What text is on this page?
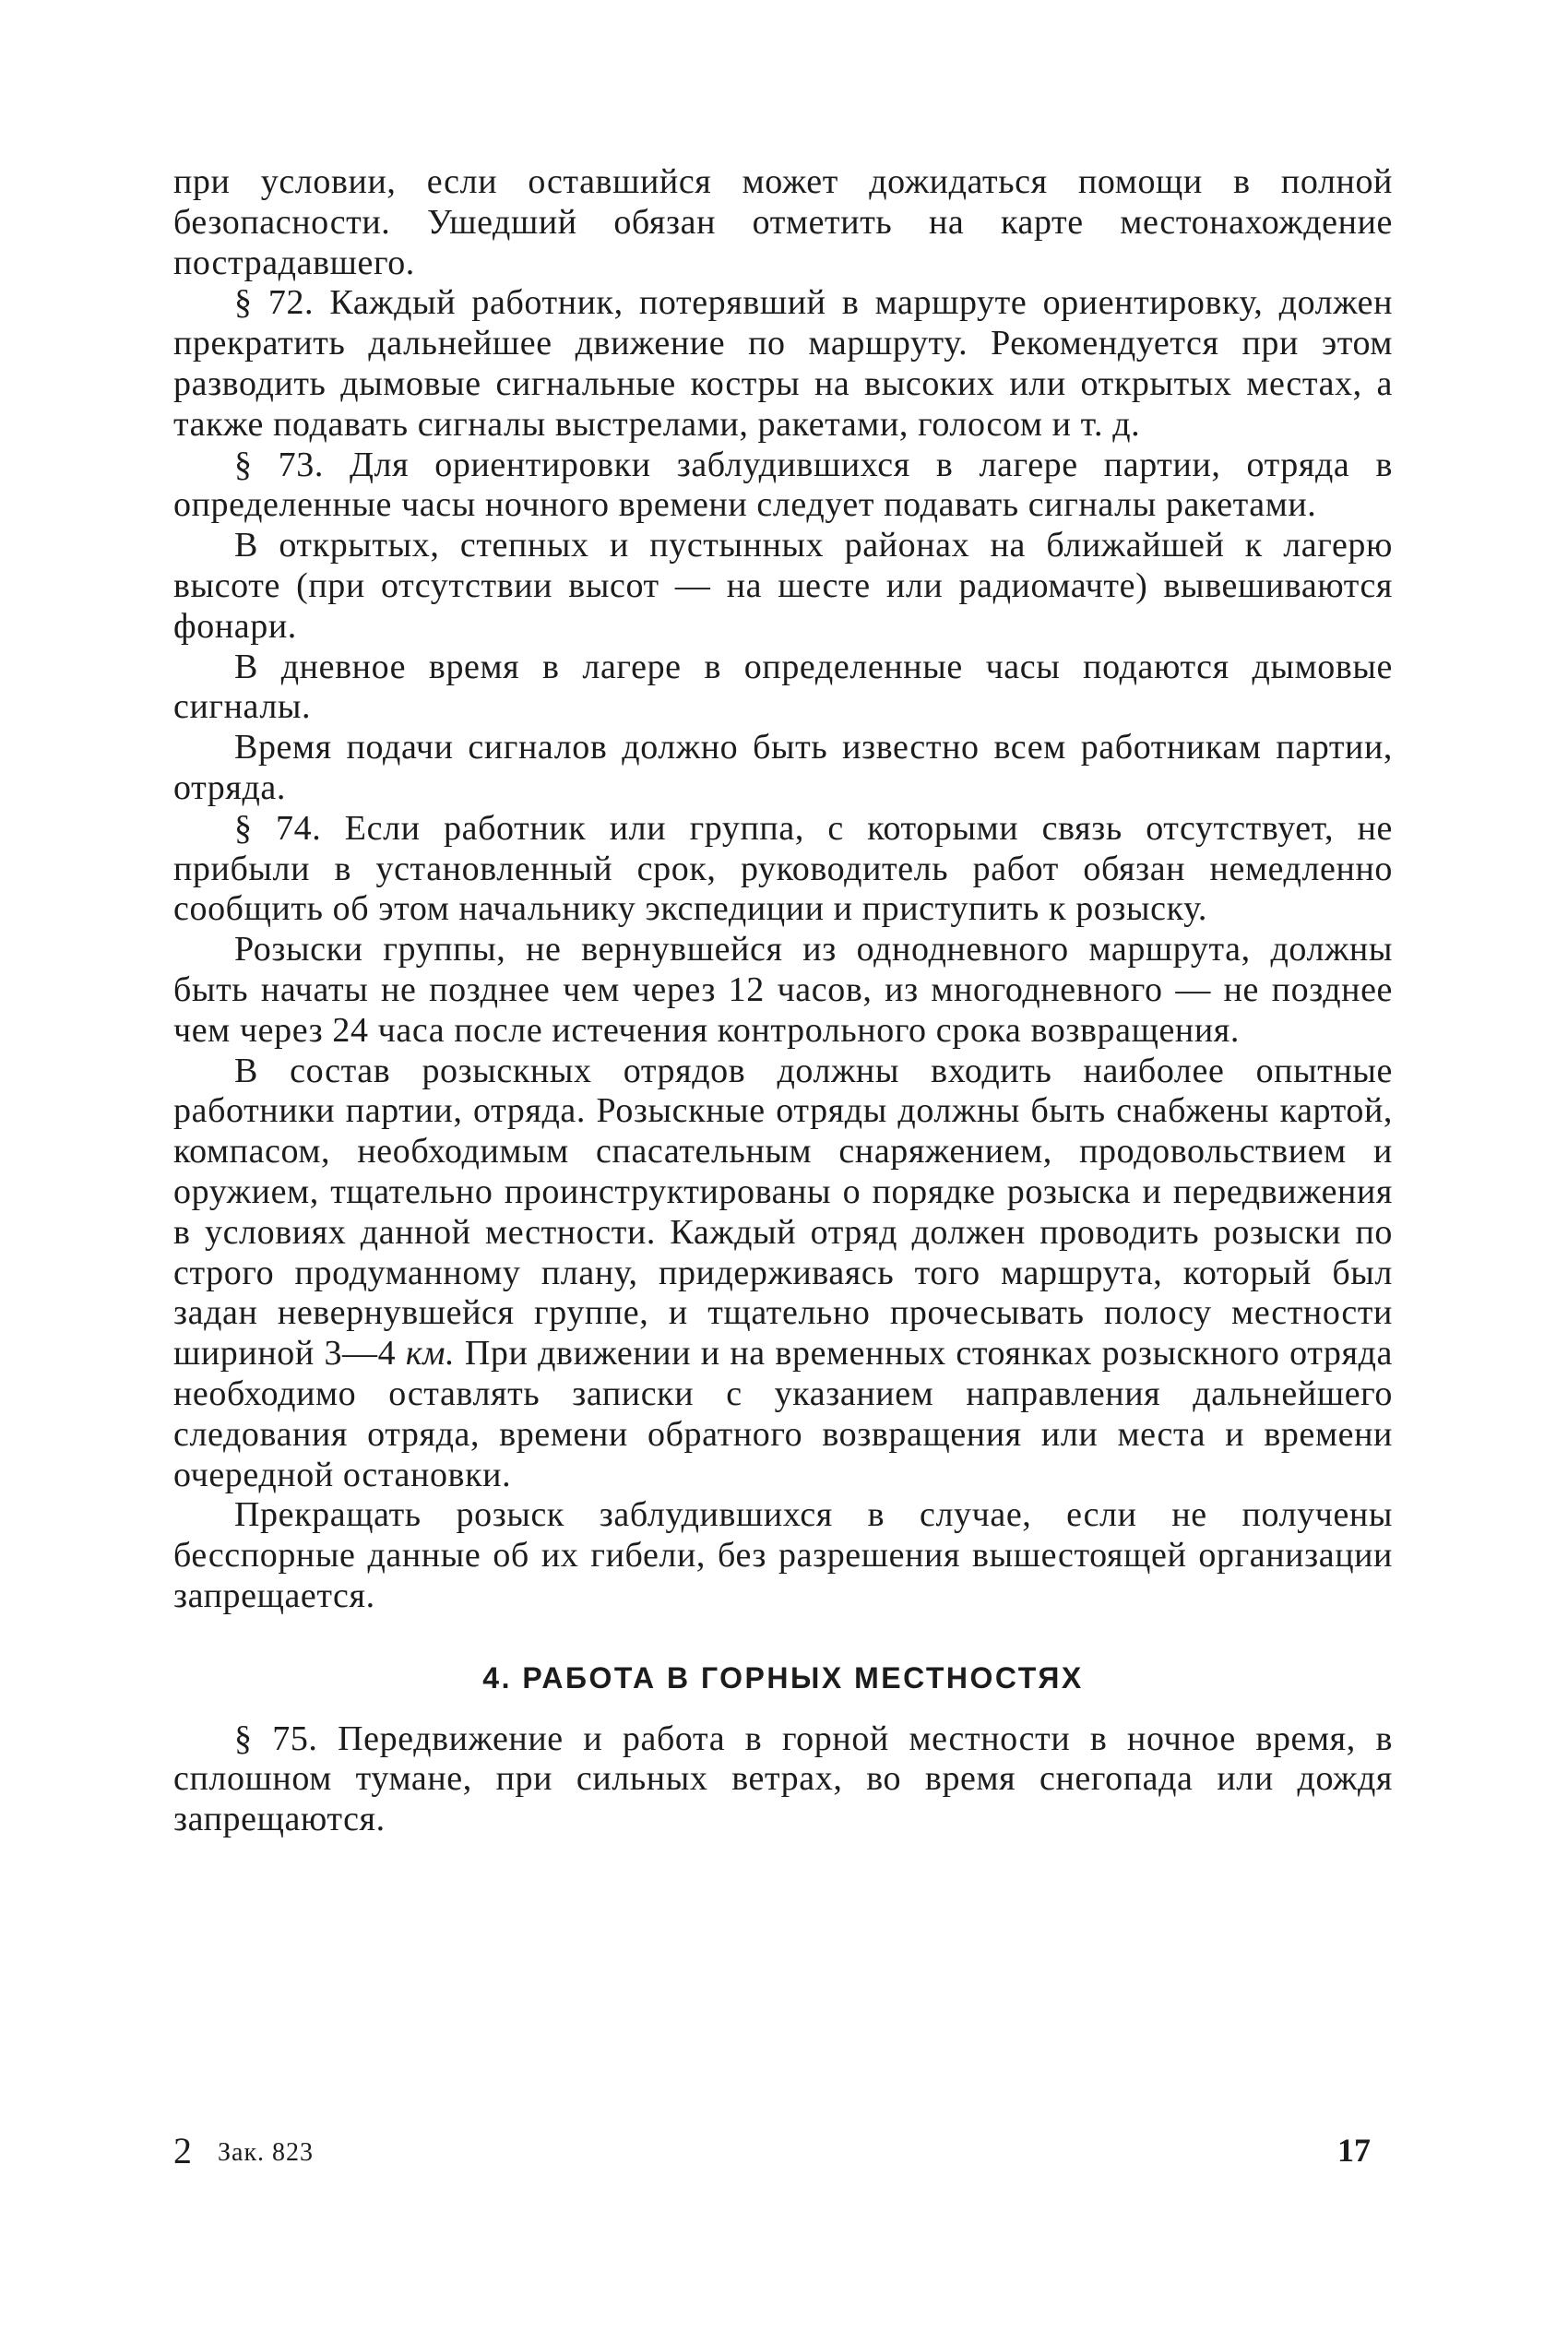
при условии, если оставшийся может дожидаться помощи в полной безопасности. Ушедший обязан отметить на карте местонахождение пострадавшего.

§ 72. Каждый работник, потерявший в маршруте ориентировку, должен прекратить дальнейшее движение по маршруту. Рекомендуется при этом разводить дымовые сигнальные костры на высоких или открытых местах, а также подавать сигналы выстрелами, ракетами, голосом и т. д.

§ 73. Для ориентировки заблудившихся в лагере партии, отряда в определенные часы ночного времени следует подавать сигналы ракетами.

В открытых, степных и пустынных районах на ближайшей к лагерю высоте (при отсутствии высот — на шесте или радиомачте) вывешиваются фонари.

В дневное время в лагере в определенные часы подаются дымовые сигналы.

Время подачи сигналов должно быть известно всем работникам партии, отряда.

§ 74. Если работник или группа, с которыми связь отсутствует, не прибыли в установленный срок, руководитель работ обязан немедленно сообщить об этом начальнику экспедиции и приступить к розыску.

Розыски группы, не вернувшейся из однодневного маршрута, должны быть начаты не позднее чем через 12 часов, из многодневного — не позднее чем через 24 часа после истечения контрольного срока возвращения.

В состав розыскных отрядов должны входить наиболее опытные работники партии, отряда. Розыскные отряды должны быть снабжены картой, компасом, необходимым спасательным снаряжением, продовольствием и оружием, тщательно проинструктированы о порядке розыска и передвижения в условиях данной местности. Каждый отряд должен проводить розыски по строго продуманному плану, придерживаясь того маршрута, который был задан невернувшейся группе, и тщательно прочесывать полосу местности шириной 3—4 км. При движении и на временных стоянках розыскного отряда необходимо оставлять записки с указанием направления дальнейшего следования отряда, времени обратного возвращения или места и времени очередной остановки.

Прекращать розыск заблудившихся в случае, если не получены бесспорные данные об их гибели, без разрешения вышестоящей организации запрещается.

4. РАБОТА В ГОРНЫХ МЕСТНОСТЯХ

§ 75. Передвижение и работа в горной местности в ночное время, в сплошном тумане, при сильных ветрах, во время снегопада или дождя запрещаются.

2 Зак. 823	17
